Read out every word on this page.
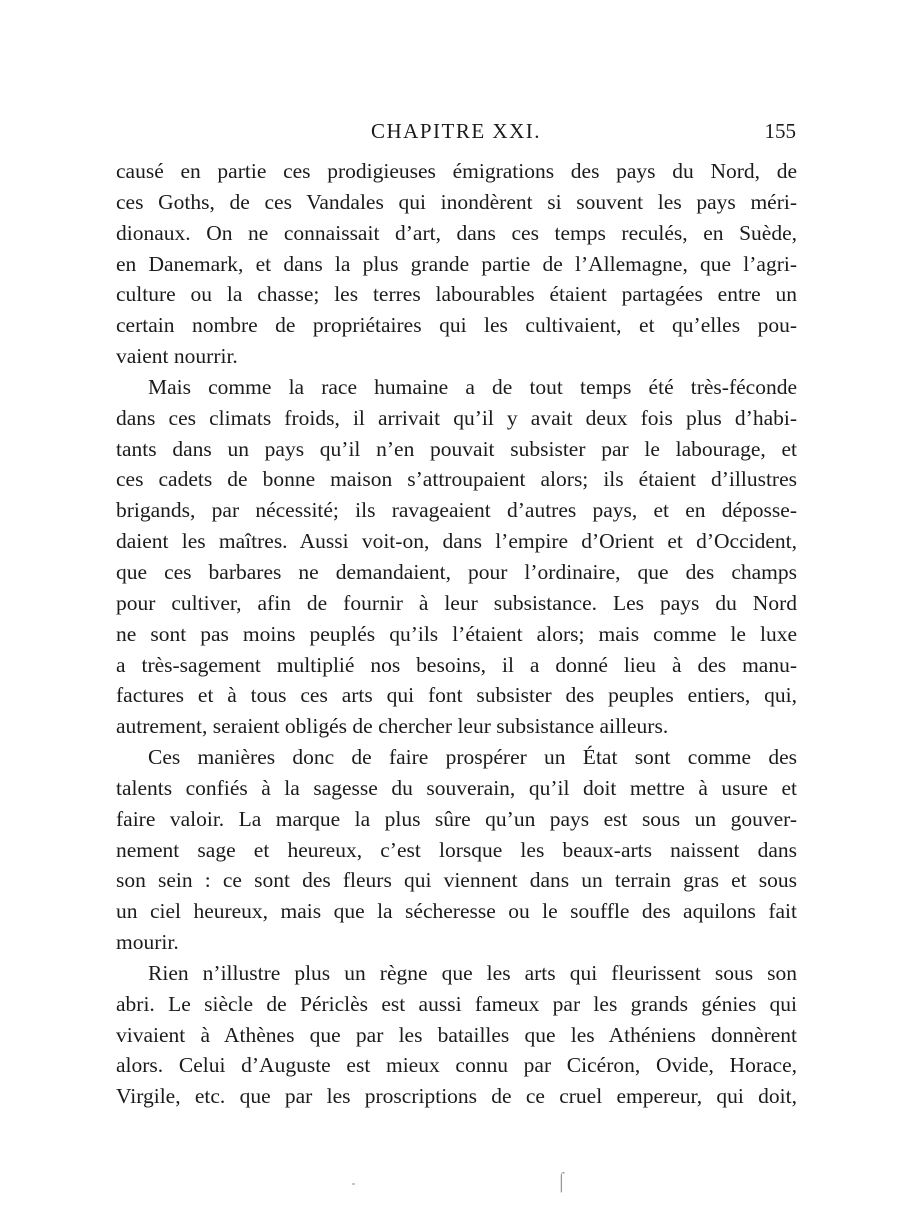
CHAPITRE XXI.	155
causé en partie ces prodigieuses émigrations des pays du Nord, de
ces Goths, de ces Vandales qui inondèrent si souvent les pays méri-
dionaux. On ne connaissait d’art, dans ces temps reculés, en Suède,
en Danemark, et dans la plus grande partie de l’Allemagne, que l’agri-
culture ou la chasse; les terres labourables étaient partagées entre un
certain nombre de propriétaires qui les cultivaient, et qu’elles pou-
vaient nourrir.
Mais comme la race humaine a de tout temps été très-féconde
dans ces climats froids, il arrivait qu’il y avait deux fois plus d’habi-
tants dans un pays qu’il n’en pouvait subsister par le labourage, et
ces cadets de bonne maison s’attroupaient alors; ils étaient d’illustres
brigands, par nécessité; ils ravageaient d’autres pays, et en déposse-
daient les maîtres. Aussi voit-on, dans l’empire d’Orient et d’Occident,
que ces barbares ne demandaient, pour l’ordinaire, que des champs
pour cultiver, afin de fournir à leur subsistance. Les pays du Nord
ne sont pas moins peuplés qu’ils l’étaient alors; mais comme le luxe
a très-sagement multiplié nos besoins, il a donné lieu à des manu-
factures et à tous ces arts qui font subsister des peuples entiers, qui,
autrement, seraient obligés de chercher leur subsistance ailleurs.
Ces manières donc de faire prospérer un État sont comme des
talents confiés à la sagesse du souverain, qu’il doit mettre à usure et
faire valoir. La marque la plus sûre qu’un pays est sous un gouver-
nement sage et heureux, c’est lorsque les beaux-arts naissent dans
son sein : ce sont des fleurs qui viennent dans un terrain gras et sous
un ciel heureux, mais que la sécheresse ou le souffle des aquilons fait
mourir.
Rien n’illustre plus un règne que les arts qui fleurissent sous son
abri. Le siècle de Périclès est aussi fameux par les grands génies qui
vivaient à Athènes que par les batailles que les Athéniens donnèrent
alors. Celui d’Auguste est mieux connu par Cicéron, Ovide, Horace,
Virgile, etc. que par les proscriptions de ce cruel empereur, qui doit,
⌠
